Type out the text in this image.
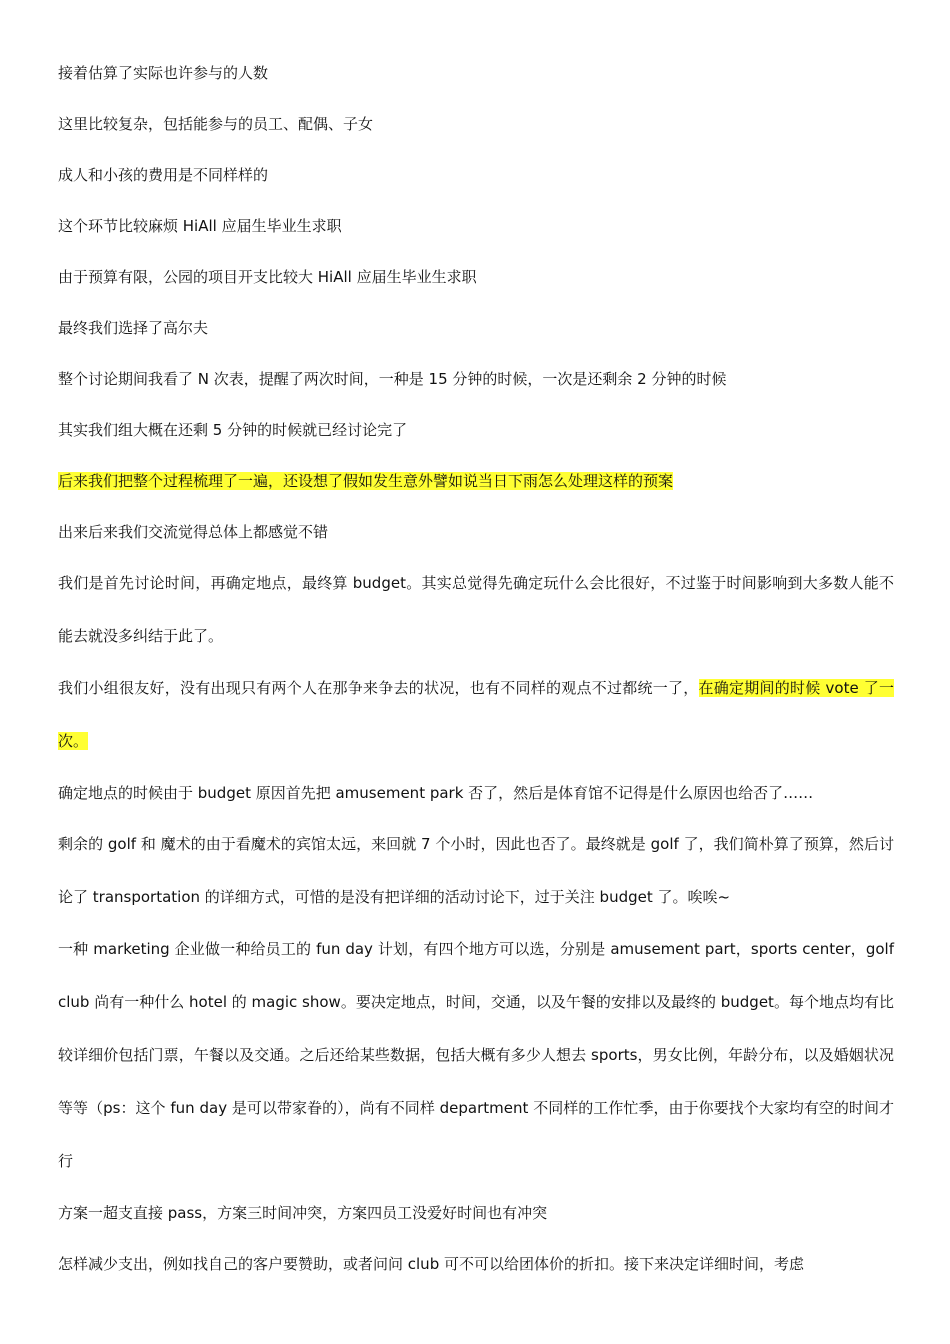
接着估算了实际也许参与的人数

这里比较复杂，包括能参与的员工、配偶、子女

成人和小孩的费用是不同样样的

这个环节比较麻烦 HiAll 应届生毕业生求职

由于预算有限，公园的项目开支比较大 HiAll 应届生毕业生求职

最终我们选择了高尔夫

整个讨论期间我看了 N 次表，提醒了两次时间，一种是 15 分钟的时候，一次是还剩余 2 分钟的时候

其实我们组大概在还剩 5 分钟的时候就已经讨论完了

后来我们把整个过程梳理了一遍，还设想了假如发生意外譬如说当日下雨怎么处理这样的预案

出来后来我们交流觉得总体上都感觉不错

我们是首先讨论时间，再确定地点，最终算 budget。其实总觉得先确定玩什么会比很好，不过鉴于时间影响到大多数人能不能去就没多纠结于此了。

我们小组很友好，没有出现只有两个人在那争来争去的状况，也有不同样的观点不过都统一了，在确定期间的时候 vote 了一次。

确定地点的时候由于 budget 原因首先把 amusement park 否了，然后是体育馆不记得是什么原因也给否了……

剩余的 golf 和 魔术的由于看魔术的宾馆太远，来回就 7 个小时，因此也否了。最终就是 golf 了，我们简朴算了预算，然后讨论了 transportation 的详细方式，可惜的是没有把详细的活动讨论下，过于关注 budget 了。唉唉~

一种 marketing 企业做一种给员工的 fun day 计划，有四个地方可以选，分别是 amusement part，sports center，golf club 尚有一种什么 hotel 的 magic show。要决定地点，时间，交通，以及午餐的安排以及最终的 budget。每个地点均有比较详细价包括门票，午餐以及交通。之后还给某些数据，包括大概有多少人想去 sports，男女比例，年龄分布，以及婚姻状况等等（ps：这个 fun day 是可以带家眷的），尚有不同样 department 不同样的工作忙季，由于你要找个大家均有空的时间才行

方案一超支直接 pass，方案三时间冲突，方案四员工没爱好时间也有冲突

怎样减少支出，例如找自己的客户要赞助，或者问问 club 可不可以给团体价的折扣。接下来决定详细时间，考虑
